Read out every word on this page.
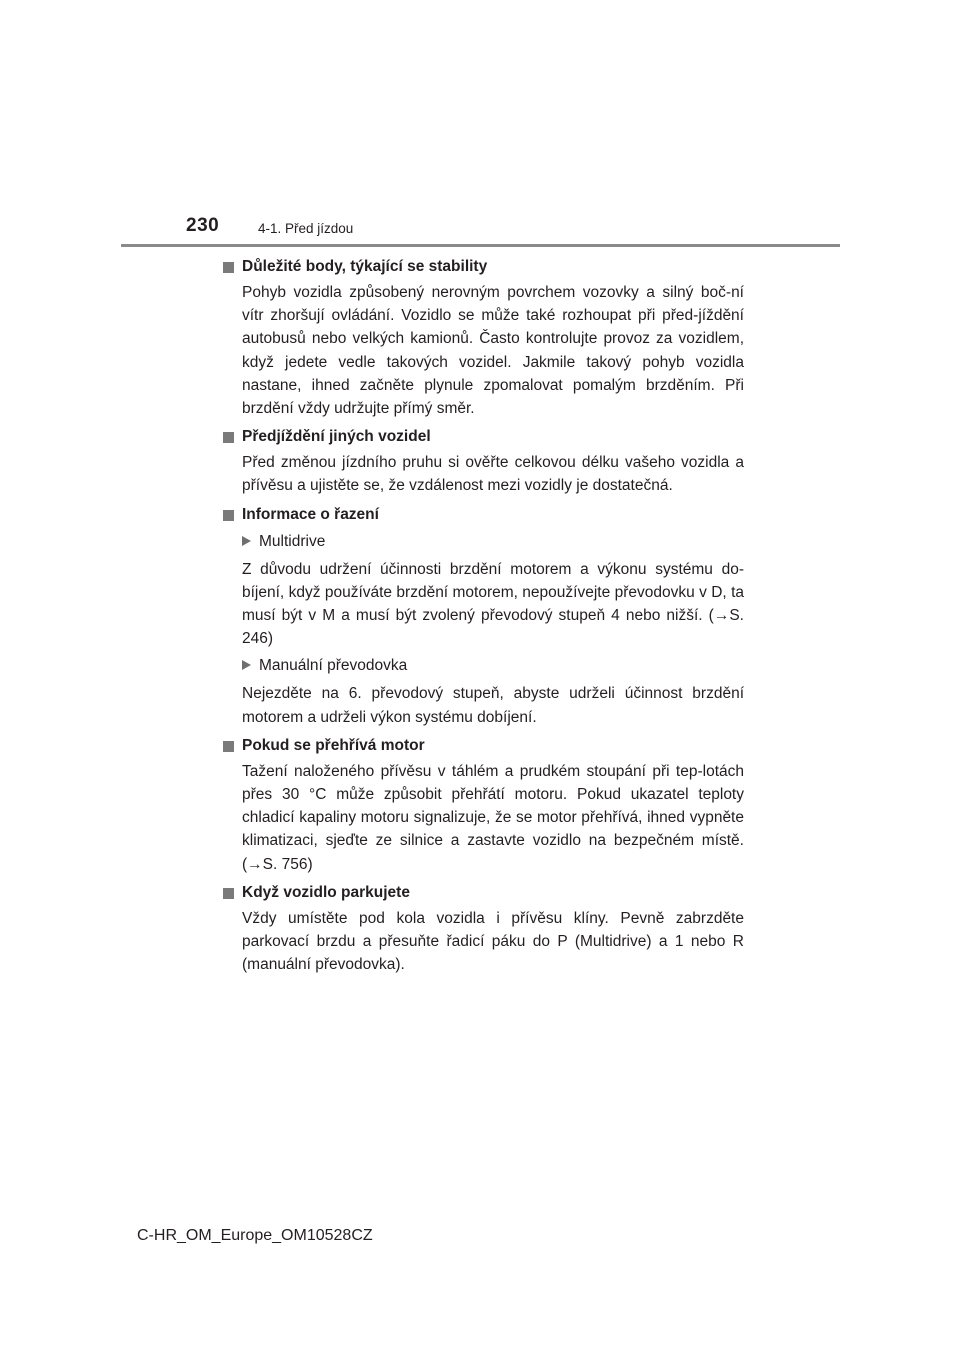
230	4-1. Před jízdou
Důležité body, týkající se stability
Pohyb vozidla způsobený nerovným povrchem vozovky a silný boč-ní vítr zhoršují ovládání. Vozidlo se může také rozhoupat při před-jíždění autobusů nebo velkých kamionů. Často kontrolujte provoz za vozidlem, když jedete vedle takových vozidel. Jakmile takový pohyb vozidla nastane, ihned začněte plynule zpomalovat pomalým brzděním. Při brzdění vždy udržujte přímý směr.
Předjíždění jiných vozidel
Před změnou jízdního pruhu si ověřte celkovou délku vašeho vozidla a přívěsu a ujistěte se, že vzdálenost mezi vozidly je dostatečná.
Informace o řazení
Multidrive
Z důvodu udržení účinnosti brzdění motorem a výkonu systému do-bíjení, když používáte brzdění motorem, nepoužívejte převodovku v D, ta musí být v M a musí být zvolený převodový stupeň 4 nebo nižší. (→S. 246)
Manuální převodovka
Nejezděte na 6. převodový stupeň, abyste udrželi účinnost brzdění motorem a udrželi výkon systému dobíjení.
Pokud se přehřívá motor
Tažení naloženého přívěsu v táhlém a prudkém stoupání při tep-lotách přes 30 °C může způsobit přehřátí motoru. Pokud ukazatel teploty chladicí kapaliny motoru signalizuje, že se motor přehřívá, ihned vypněte klimatizaci, sjeďte ze silnice a zastavte vozidlo na bezpečném místě. (→S. 756)
Když vozidlo parkujete
Vždy umístěte pod kola vozidla i přívěsu klíny. Pevně zabrzděte parkovací brzdu a přesuňte řadicí páku do P (Multidrive) a 1 nebo R (manuální převodovka).
C-HR_OM_Europe_OM10528CZ
